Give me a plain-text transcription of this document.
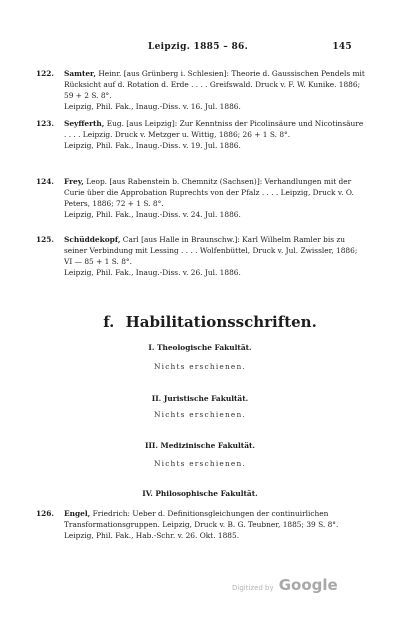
Leipzig. 1885 – 86.	145
122. Samter, Heinr. [aus Grünberg i. Schlesien]: Theorie d. Gaussischen Pendels mit Rücksicht auf d. Rotation d. Erde . . . . Greifswald. Druck v. F. W. Kunike. 1886; 59 + 2 S. 8°.
Leipzig, Phil. Fak., Inaug.-Diss. v. 16. Jul. 1886.
123. Seyfferth, Eug. [aus Leipzig]: Zur Kenntniss der Picolinsäure und Nicotinsäure . . . . Leipzig. Druck v. Metzger u. Wittig, 1886; 26 + 1 S. 8°.
Leipzig, Phil. Fak., Inaug.-Diss. v. 19. Jul. 1886.
124. Frey, Leop. [aus Rabenstein b. Chemnitz (Sachsen)]: Verhandlungen mit der Curie über die Approbation Ruprechts von der Pfalz . . . . Leipzig, Druck v. O. Peters, 1886; 72 + 1 S. 8°.
Leipzig, Phil. Fak., Inaug.-Diss. v. 24. Jul. 1886.
125. Schüddekopf, Carl [aus Halle in Braunschw.]: Karl Wilhelm Ramler bis zu seiner Verbindung mit Lessing . . . . Wolfenbüttel, Druck v. Jul. Zwissler, 1886; VI — 85 + 1 S. 8°.
Leipzig, Phil. Fak., Inaug.-Diss. v. 26. Jul. 1886.
f. Habilitationsschriften.
I. Theologische Fakultät.
Nichts erschienen.
II. Juristische Fakultät.
Nichts erschienen.
III. Medizinische Fakultät.
Nichts erschienen.
IV. Philosophische Fakultät.
126. Engel, Friedrich: Ueber d. Definitionsgleichungen der continuirlichen Transformationsgruppen. Leipzig, Druck v. B. G. Teubner, 1885; 39 S. 8°.
Leipzig, Phil. Fak., Hab.-Schr. v. 26. Okt. 1885.
Digitized by Google
